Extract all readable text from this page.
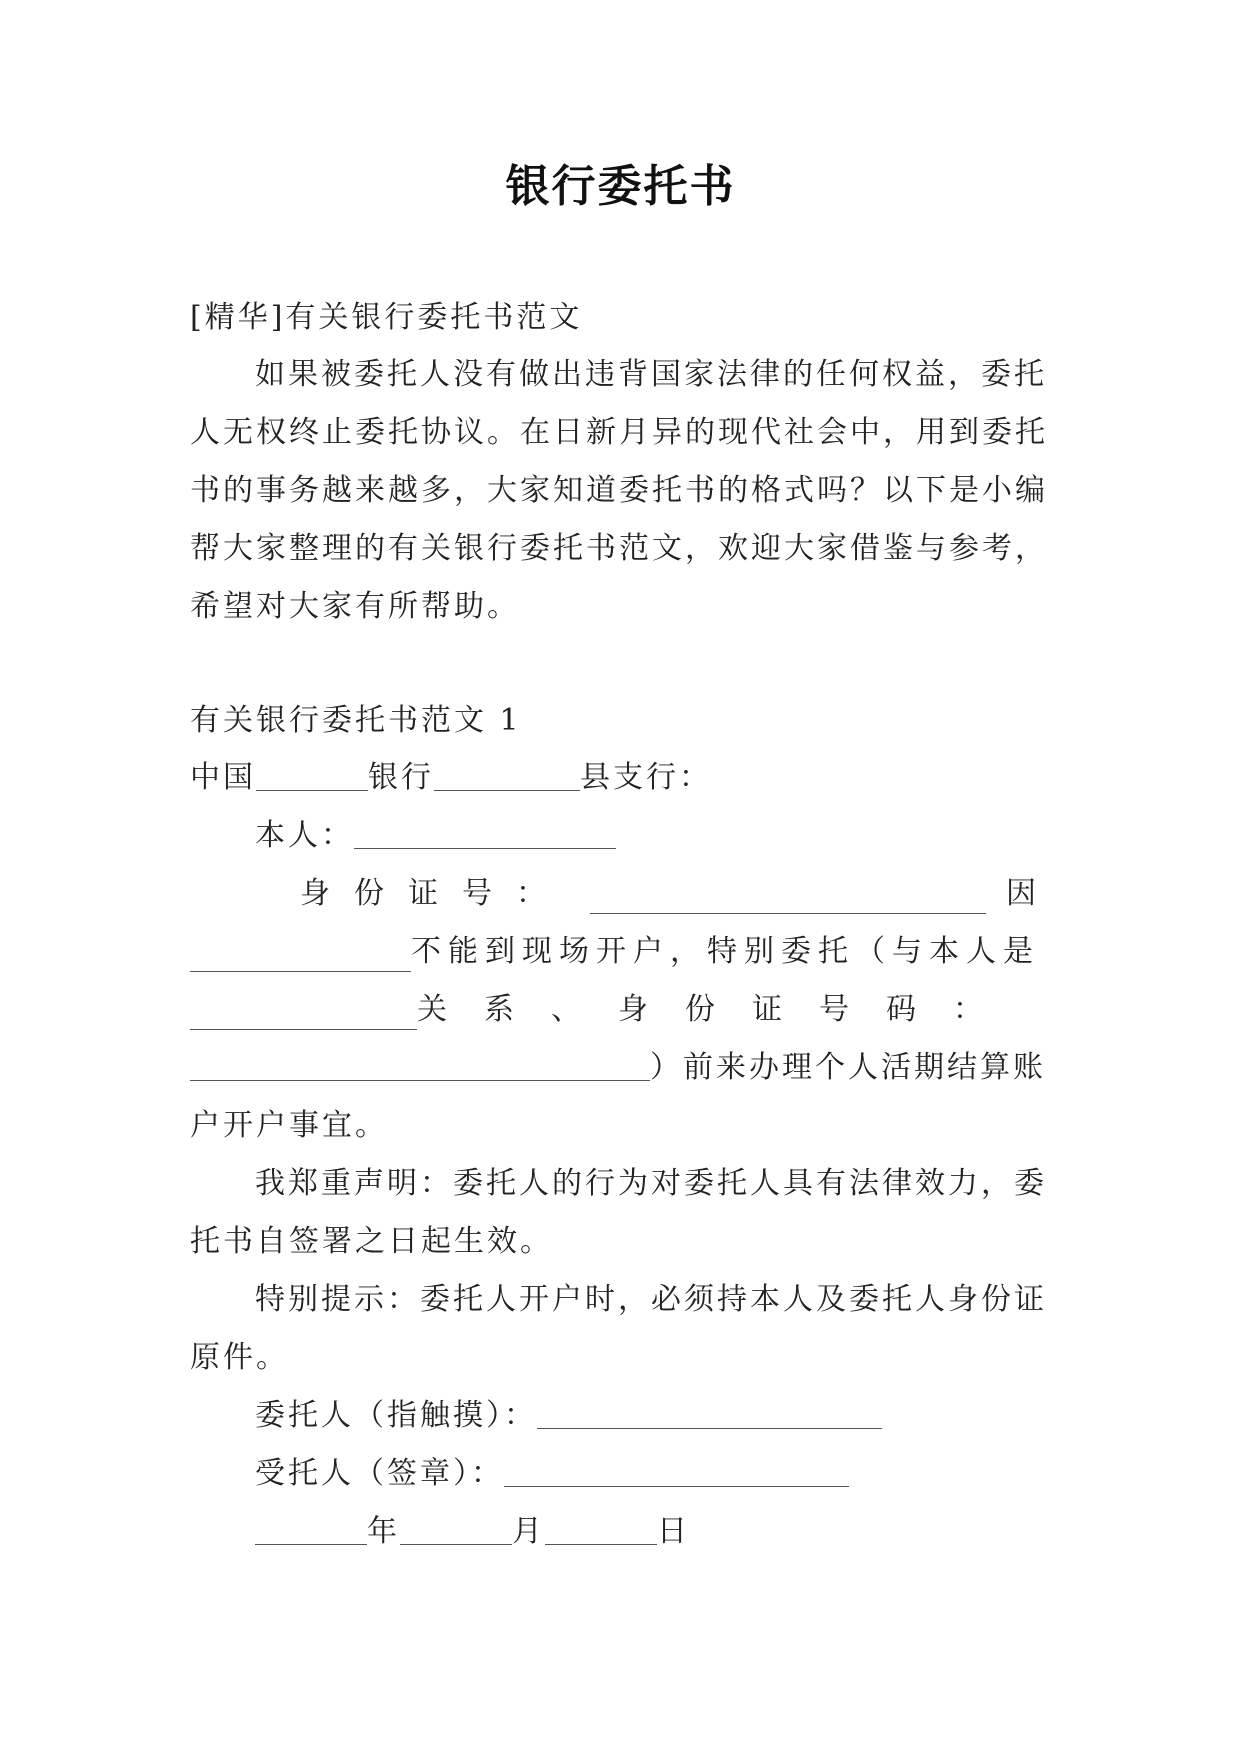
银行委托书
[精华]有关银行委托书范文
如果被委托人没有做出违背国家法律的任何权益，委托
人无权终止委托协议。在日新月异的现代社会中，用到委托
书的事务越来越多，大家知道委托书的格式吗？以下是小编
帮大家整理的有关银行委托书范文，欢迎大家借鉴与参考，
希望对大家有所帮助。
有关银行委托书范文 1
中国	银行	县支行：
本人：
身份证号：	因
不能到现场开户，特别委托（与本人是
关系、身份证号码：
）前来办理个人活期结算账
户开户事宜。
我郑重声明：委托人的行为对委托人具有法律效力，委
托书自签署之日起生效。
特别提示：委托人开户时，必须持本人及委托人身份证
原件。
委托人（指触摸）：
受托人（签章）：
年	月	日
